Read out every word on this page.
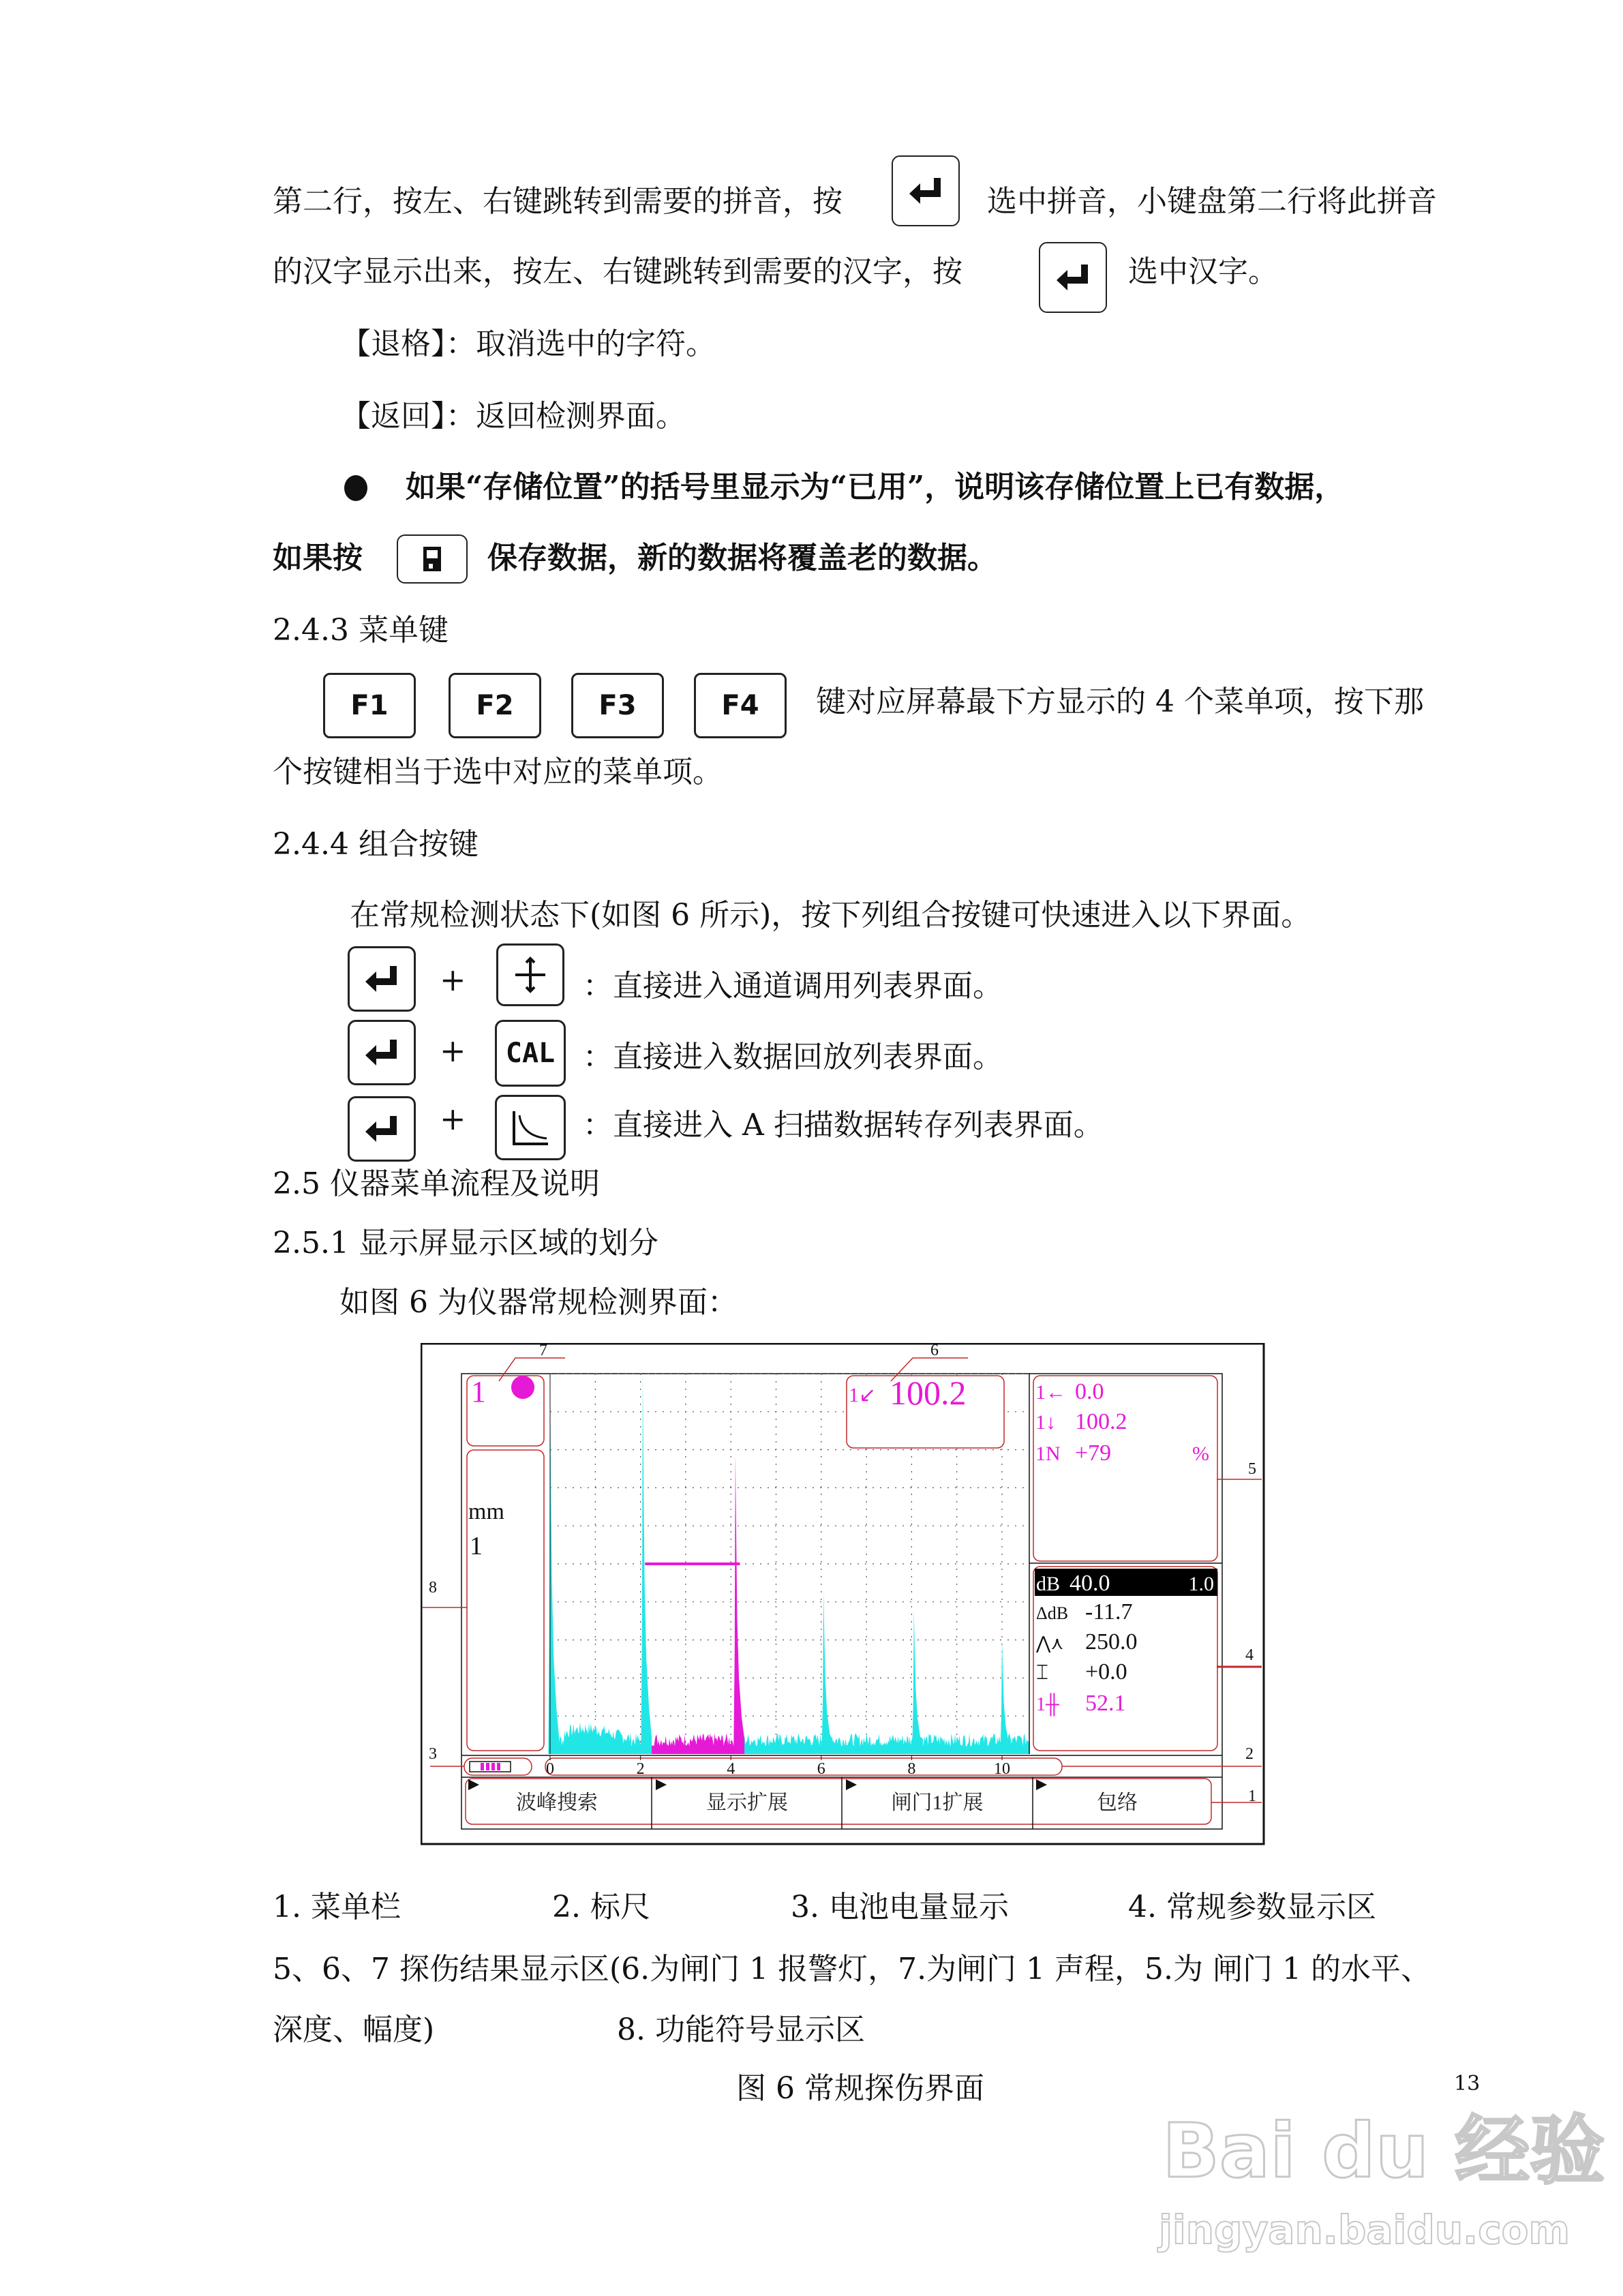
第二行，按左、右键跳转到需要的拼音，按	选中拼音，小键盘第二行将此拼音
的汉字显示出来，按左、右键跳转到需要的汉字，按	选中汉字。
【退格】：取消选中的字符。
【返回】：返回检测界面。
如果“存储位置”的括号里显示为“已用”，说明该存储位置上已有数据，
如果按	保存数据，新的数据将覆盖老的数据。
2.4.3 菜单键
F1	F2	F3	F4	键对应屏幕最下方显示的 4 个菜单项，按下那
个按键相当于选中对应的菜单项。
2.4.4 组合按键
在常规检测状态下(如图 6 所示)，按下列组合按键可快速进入以下界面。
+	：直接进入通道调用列表界面。
+	CAL ：直接进入数据回放列表界面。
+	：直接进入 A 扫描数据转存列表界面。
2.5 仪器菜单流程及说明
2.5.1 显示屏显示区域的划分
如图 6 为仪器常规检测界面：
1
mm
1
1↙ 100.2	1← 0.0
1↓ 100.2
1N +79	%
dB 40.0	1.0
ΔdB -11.7
⋀⋏ 250.0
⌶ +0.0
1╫ 52.1
0	2	4	6	8	10
波峰搜索	显示扩展	闸门1扩展	包络	1
2
3
4
5
6
7
8
1. 菜单栏	2. 标尺	3. 电池电量显示	4. 常规参数显示区
5、6、7 探伤结果显示区(6.为闸门 1 报警灯，7.为闸门 1 声程，5.为 闸门 1 的水平、
深度、幅度)	8. 功能符号显示区
图 6 常规探伤界面	13
Bai du 经验
jingyan.baidu.com
